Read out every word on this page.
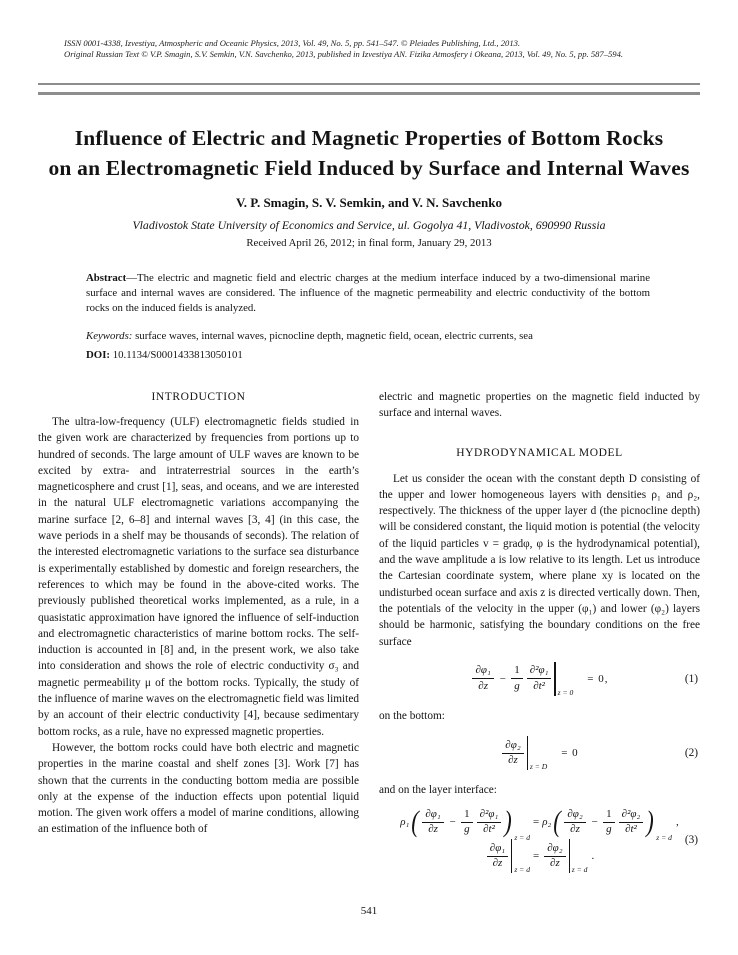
ISSN 0001-4338, Izvestiya, Atmospheric and Oceanic Physics, 2013, Vol. 49, No. 5, pp. 541–547. © Pleiades Publishing, Ltd., 2013.
Original Russian Text © V.P. Smagin, S.V. Semkin, V.N. Savchenko, 2013, published in Izvestiya AN. Fizika Atmosfery i Okeana, 2013, Vol. 49, No. 5, pp. 587–594.
Influence of Electric and Magnetic Properties of Bottom Rocks
on an Electromagnetic Field Induced by Surface and Internal Waves
V. P. Smagin, S. V. Semkin, and V. N. Savchenko
Vladivostok State University of Economics and Service, ul. Gogolya 41, Vladivostok, 690990 Russia
Received April 26, 2012; in final form, January 29, 2013
Abstract—The electric and magnetic field and electric charges at the medium interface induced by a two-dimensional marine surface and internal waves are considered. The influence of the magnetic permeability and electric conductivity of the bottom rocks on the induced fields is analyzed.
Keywords: surface waves, internal waves, picnocline depth, magnetic field, ocean, electric currents, sea
DOI: 10.1134/S0001433813050101
INTRODUCTION

The ultra-low-frequency (ULF) electromagnetic fields studied in the given work are characterized by frequencies from portions up to hundred of seconds. The large amount of ULF waves are known to be excited by extra- and intraterrestrial sources in the earth’s magneticosphere and crust [1], seas, and oceans, and we are interested in the natural ULF electromagnetic variations accompanying the marine surface [2, 6–8] and internal waves [3, 4] (in this case, the wave periods in a shelf may be thousands of seconds). The relation of the interested electromagnetic variations to the surface sea disturbance is experimentally established by domestic and foreign researchers, the references to which may be found in the above-cited works. The previously published theoretical works implemented, as a rule, in a quasistatic approximation have ignored the influence of self-induction and electromagnetic characteristics of marine bottom rocks. The self-induction is accounted in [8] and, in the present work, we also take into consideration and shows the role of electric conductivity σ₃ and magnetic permeability μ of the bottom rocks. Typically, the study of the influence of marine waves on the electromagnetic field was limited by an account of their electric conductivity [4], because sedimentary bottom rocks, as a rule, have no expressed magnetic properties.

However, the bottom rocks could have both electric and magnetic properties in the marine coastal and shelf zones [3]. Work [7] has shown that the currents in the conducting bottom media are possible only at the expense of the induction effects upon potential liquid motion. The given work offers a model of marine conditions, allowing an estimation of the influence both of

electric and magnetic properties on the magnetic field inducted by surface and internal waves.

HYDRODYNAMICAL MODEL

Let us consider the ocean with the constant depth D consisting of the upper and lower homogeneous layers with densities ρ₁ and ρ₂, respectively. The thickness of the upper layer d (the picnocline depth) will be considered constant, the liquid motion is potential (the velocity of the liquid particles v = gradφ, φ is the hydrodynamical potential), and the wave amplitude a is low relative to its length. Let us introduce the Cartesian coordinate system, where plane xy is located on the undisturbed ocean surface and axis z is directed vertically down. Then, the potentials of the velocity in the upper (φ₁) and lower (φ₂) layers should be harmonic, satisfying the boundary conditions on the free surface

$\frac{\text{∂φ₁}}{\partial z} - \frac{1}{g} \frac{\text{∂²φ₁}}{\text{∂t²}}$ z = 0
= 0,	(1)

on the bottom:

$\frac{\text{∂φ₂}}{\partial z}$ z = D
= 0	(2)

and on the layer interface:

ρ₁ ( $\frac{\text{∂φ₁}}{\partial z} - \frac{1}{g} \frac{\text{∂²φ₁}}{\text{∂t²}}$ ) z = d
= ρ₂ ( $\frac{\text{∂φ₂}}{\partial z} - \frac{1}{g} \frac{\text{∂²φ₂}}{\text{∂t²}}$ ) z = d
,
$\frac{\text{∂φ₁}}{\partial z}$ z = d
= $\frac{\text{∂φ₂}}{\partial z}$ z = d
.
(3)
541
